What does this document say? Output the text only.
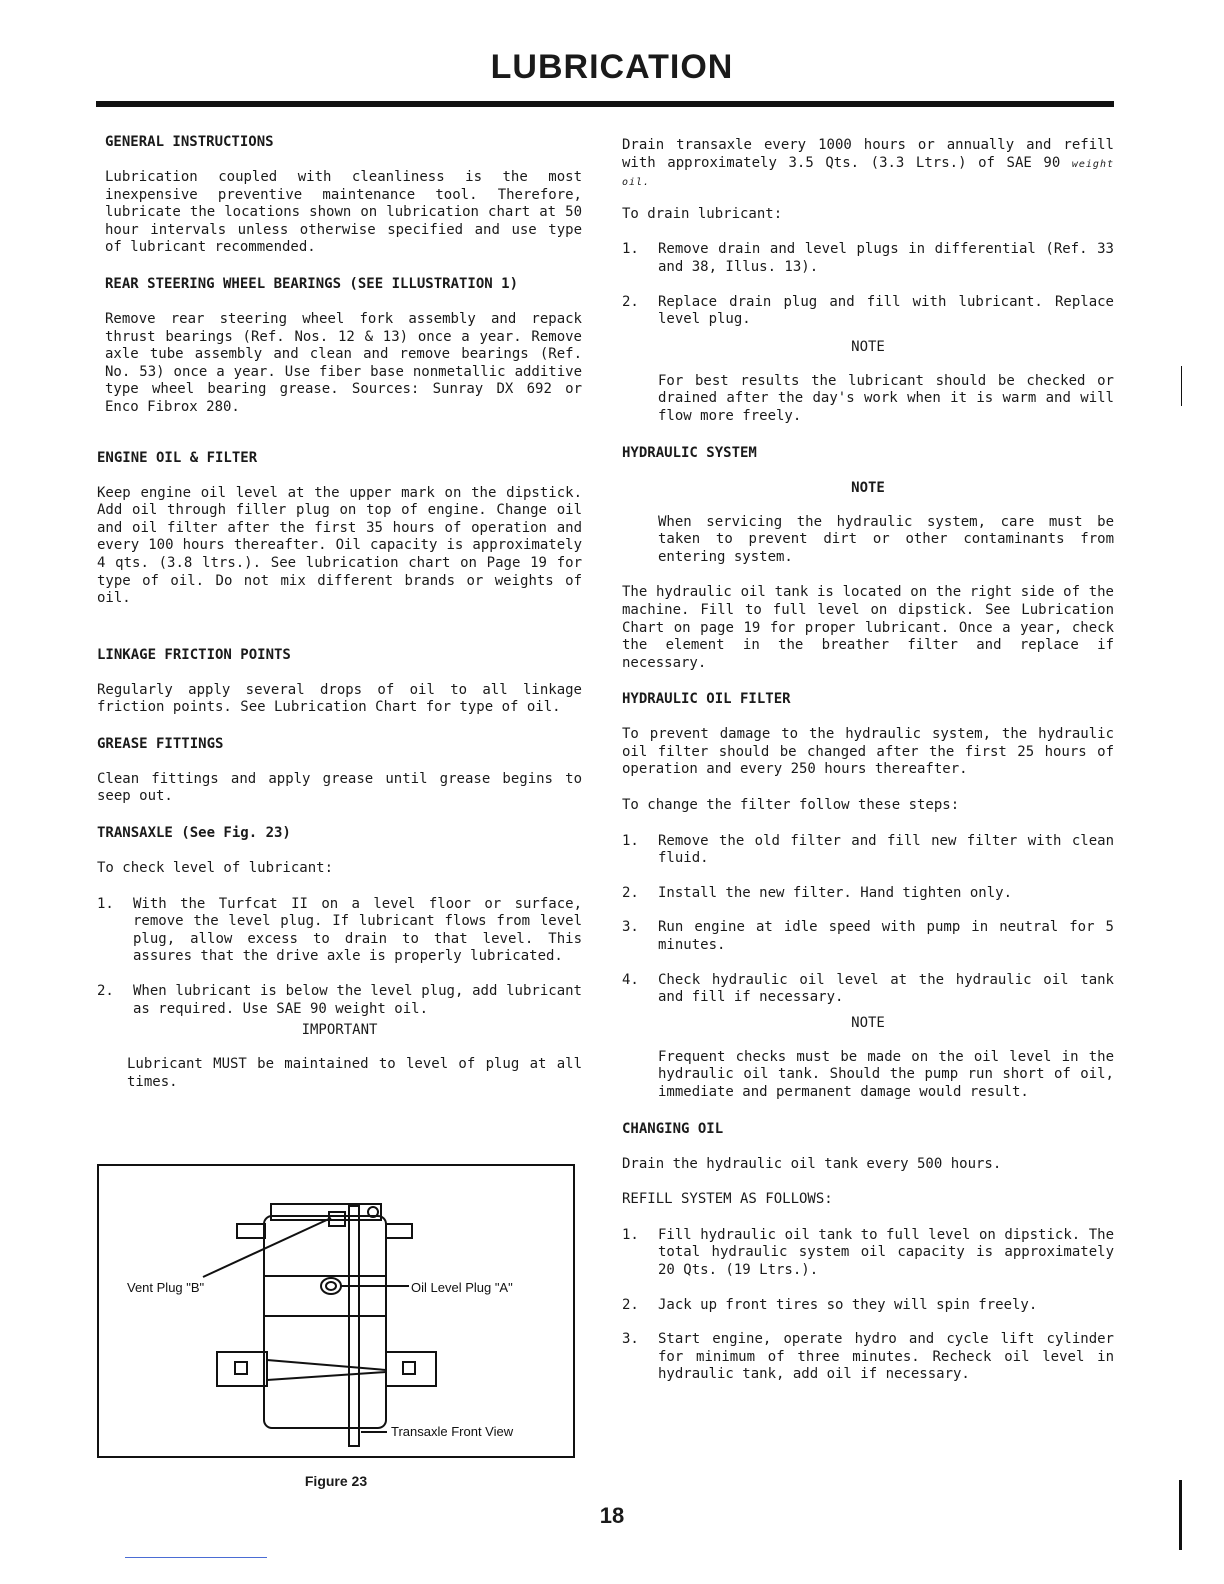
LUBRICATION

GENERAL INSTRUCTIONS

Lubrication coupled with cleanliness is the most inexpensive preventive maintenance tool. Therefore, lubricate the locations shown on lubrication chart at 50 hour intervals unless otherwise specified and use type of lubricant recommended.

REAR STEERING WHEEL BEARINGS (SEE ILLUSTRATION 1)

Remove rear steering wheel fork assembly and repack thrust bearings (Ref. Nos. 12 & 13) once a year. Remove axle tube assembly and clean and remove bearings (Ref. No. 53) once a year. Use fiber base nonmetallic additive type wheel bearing grease. Sources: Sunray DX 692 or Enco Fibrox 280.

ENGINE OIL & FILTER

Keep engine oil level at the upper mark on the dipstick. Add oil through filler plug on top of engine. Change oil and oil filter after the first 35 hours of operation and every 100 hours thereafter. Oil capacity is approximately 4 qts. (3.8 ltrs.). See lubrication chart on Page 19 for type of oil. Do not mix different brands or weights of oil.

LINKAGE FRICTION POINTS

Regularly apply several drops of oil to all linkage friction points. See Lubrication Chart for type of oil.

GREASE FITTINGS

Clean fittings and apply grease until grease begins to seep out.

TRANSAXLE (See Fig. 23)

To check level of lubricant:

1. With the Turfcat II on a level floor or surface, remove the level plug. If lubricant flows from level plug, allow excess to drain to that level. This assures that the drive axle is properly lubricated.
2. When lubricant is below the level plug, add lubricant as required. Use SAE 90 weight oil.

IMPORTANT

Lubricant MUST be maintained to level of plug at all times.

Vent Plug "B"	Oil Level Plug "A"
Transaxle Front View

Figure 23

Drain transaxle every 1000 hours or annually and refill with approximately 3.5 Qts. (3.3 Ltrs.) of SAE 90 weight oil.

To drain lubricant:

1. Remove drain and level plugs in differential (Ref. 33 and 38, Illus. 13).
2. Replace drain plug and fill with lubricant. Replace level plug.

NOTE

For best results the lubricant should be checked or drained after the day's work when it is warm and will flow more freely.

HYDRAULIC SYSTEM

NOTE

When servicing the hydraulic system, care must be taken to prevent dirt or other contaminants from entering system.

The hydraulic oil tank is located on the right side of the machine. Fill to full level on dipstick. See Lubrication Chart on page 19 for proper lubricant. Once a year, check the element in the breather filter and replace if necessary.

HYDRAULIC OIL FILTER

To prevent damage to the hydraulic system, the hydraulic oil filter should be changed after the first 25 hours of operation and every 250 hours thereafter.

To change the filter follow these steps:

1. Remove the old filter and fill new filter with clean fluid.
2. Install the new filter. Hand tighten only.
3. Run engine at idle speed with pump in neutral for 5 minutes.
4. Check hydraulic oil level at the hydraulic oil tank and fill if necessary.

NOTE

Frequent checks must be made on the oil level in the hydraulic oil tank. Should the pump run short of oil, immediate and permanent damage would result.

CHANGING OIL

Drain the hydraulic oil tank every 500 hours.

REFILL SYSTEM AS FOLLOWS:

1. Fill hydraulic oil tank to full level on dipstick. The total hydraulic system oil capacity is approximately 20 Qts. (19 Ltrs.).
2. Jack up front tires so they will spin freely.
3. Start engine, operate hydro and cycle lift cylinder for minimum of three minutes. Recheck oil level in hydraulic tank, add oil if necessary.

18
